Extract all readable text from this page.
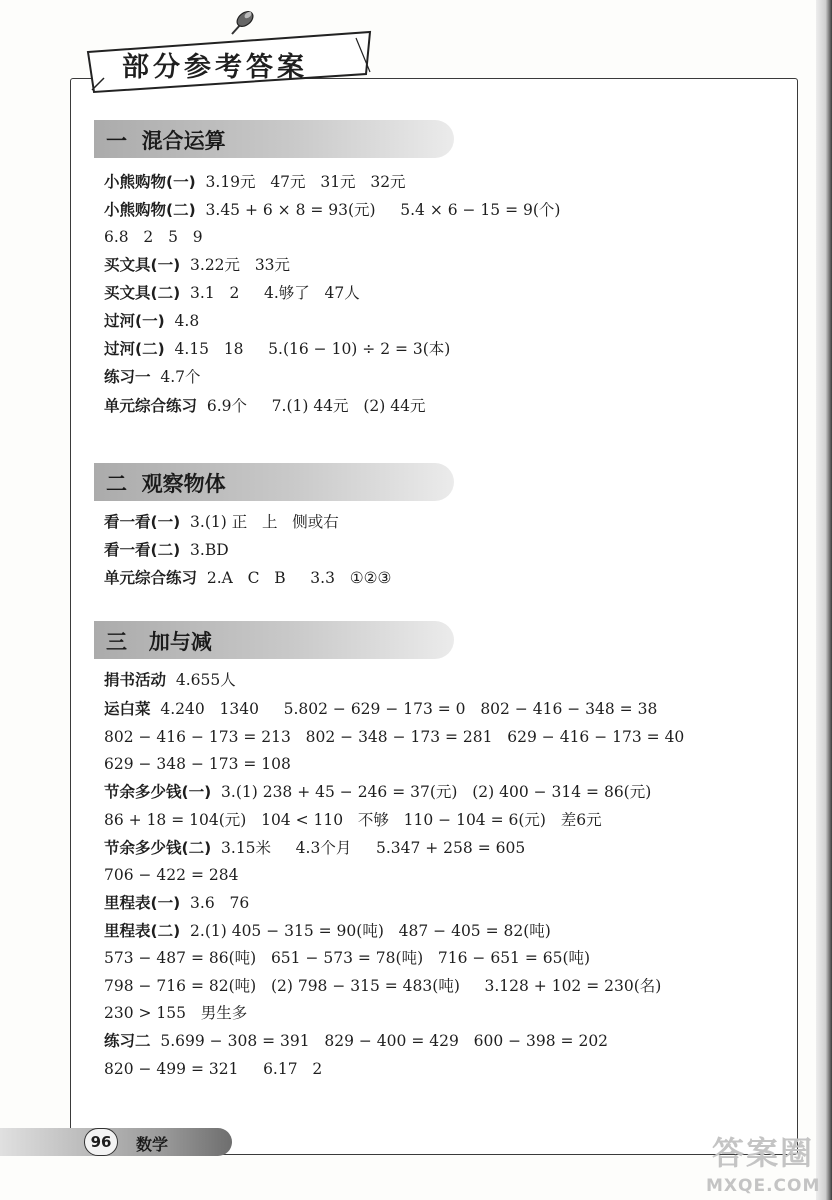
部分参考答案
一  混合运算
小熊购物(一) 3.19元   47元   31元   32元
小熊购物(二) 3.45 + 6 × 8 = 93(元)     5.4 × 6 − 15 = 9(个)
6.8   2   5   9
买文具(一) 3.22元   33元
买文具(二) 3.1   2     4.够了   47人
过河(一) 4.8
过河(二) 4.15   18     5.(16 − 10) ÷ 2 = 3(本)
练习一 4.7个
单元综合练习 6.9个     7.(1) 44元   (2) 44元
二  观察物体
看一看(一) 3.(1) 正   上   侧或右
看一看(二) 3.BD
单元综合练习 2.A   C   B     3.3   ①②③
三   加与减
捐书活动 4.655人
运白菜 4.240   1340     5.802 − 629 − 173 = 0   802 − 416 − 348 = 38
802 − 416 − 173 = 213   802 − 348 − 173 = 281   629 − 416 − 173 = 40
629 − 348 − 173 = 108
节余多少钱(一) 3.(1) 238 + 45 − 246 = 37(元)   (2) 400 − 314 = 86(元)
86 + 18 = 104(元)   104 < 110   不够   110 − 104 = 6(元)   差6元
节余多少钱(二) 3.15米     4.3个月     5.347 + 258 = 605
706 − 422 = 284
里程表(一) 3.6   76
里程表(二) 2.(1) 405 − 315 = 90(吨)   487 − 405 = 82(吨)
573 − 487 = 86(吨)   651 − 573 = 78(吨)   716 − 651 = 65(吨)
798 − 716 = 82(吨)   (2) 798 − 315 = 483(吨)     3.128 + 102 = 230(名)
230 > 155   男生多
练习二 5.699 − 308 = 391   829 − 400 = 429   600 − 398 = 202
820 − 499 = 321     6.17   2
96	数学	答案圈
MXQE.COM
